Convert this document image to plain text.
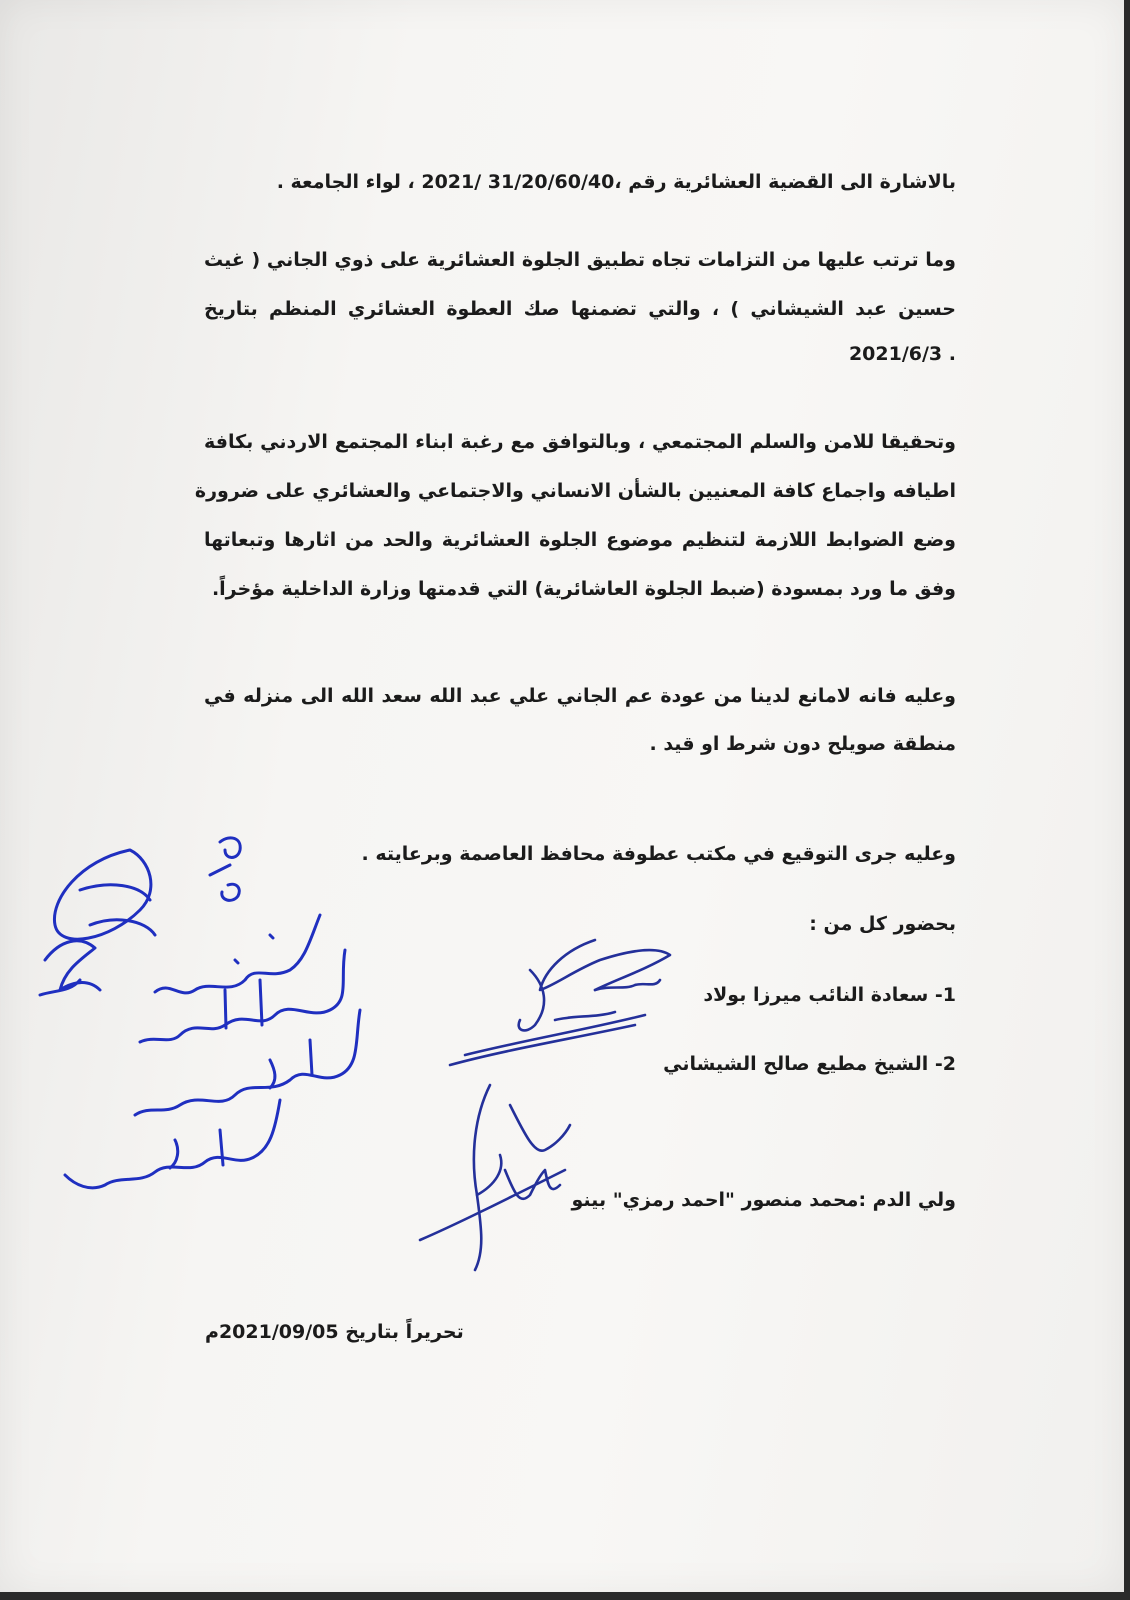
بالاشارة الى القضية العشائرية رقم ،31/20/60/40 /2021 ، لواء الجامعة .
وما ترتب عليها من التزامات تجاه تطبيق الجلوة العشائرية على ذوي الجاني ( غيث
حسين عبد الشيشاني ) ، والتي تضمنها صك العطوة العشائري المنظم بتاريخ
2021/6/3 .
وتحقيقا للامن والسلم المجتمعي ، وبالتوافق مع رغبة ابناء المجتمع الاردني بكافة
اطيافه واجماع كافة المعنيين بالشأن الانساني والاجتماعي والعشائري على ضرورة
وضع الضوابط اللازمة لتنظيم موضوع الجلوة العشائرية والحد من اثارها وتبعاتها
وفق ما ورد بمسودة (ضبط الجلوة العاشائرية) التي قدمتها وزارة الداخلية مؤخراً.
وعليه فانه لامانع لدينا من عودة عم الجاني علي عبد الله سعد الله الى منزله في
منطقة صويلح دون شرط او قيد .
وعليه جرى التوقيع في مكتب عطوفة محافظ العاصمة وبرعايته .
بحضور كل من :
1- سعادة النائب ميرزا بولاد
2- الشيخ مطيع صالح الشيشاني
ولي الدم :محمد منصور "احمد رمزي" بينو
تحريراً بتاريخ 2021/09/05م
